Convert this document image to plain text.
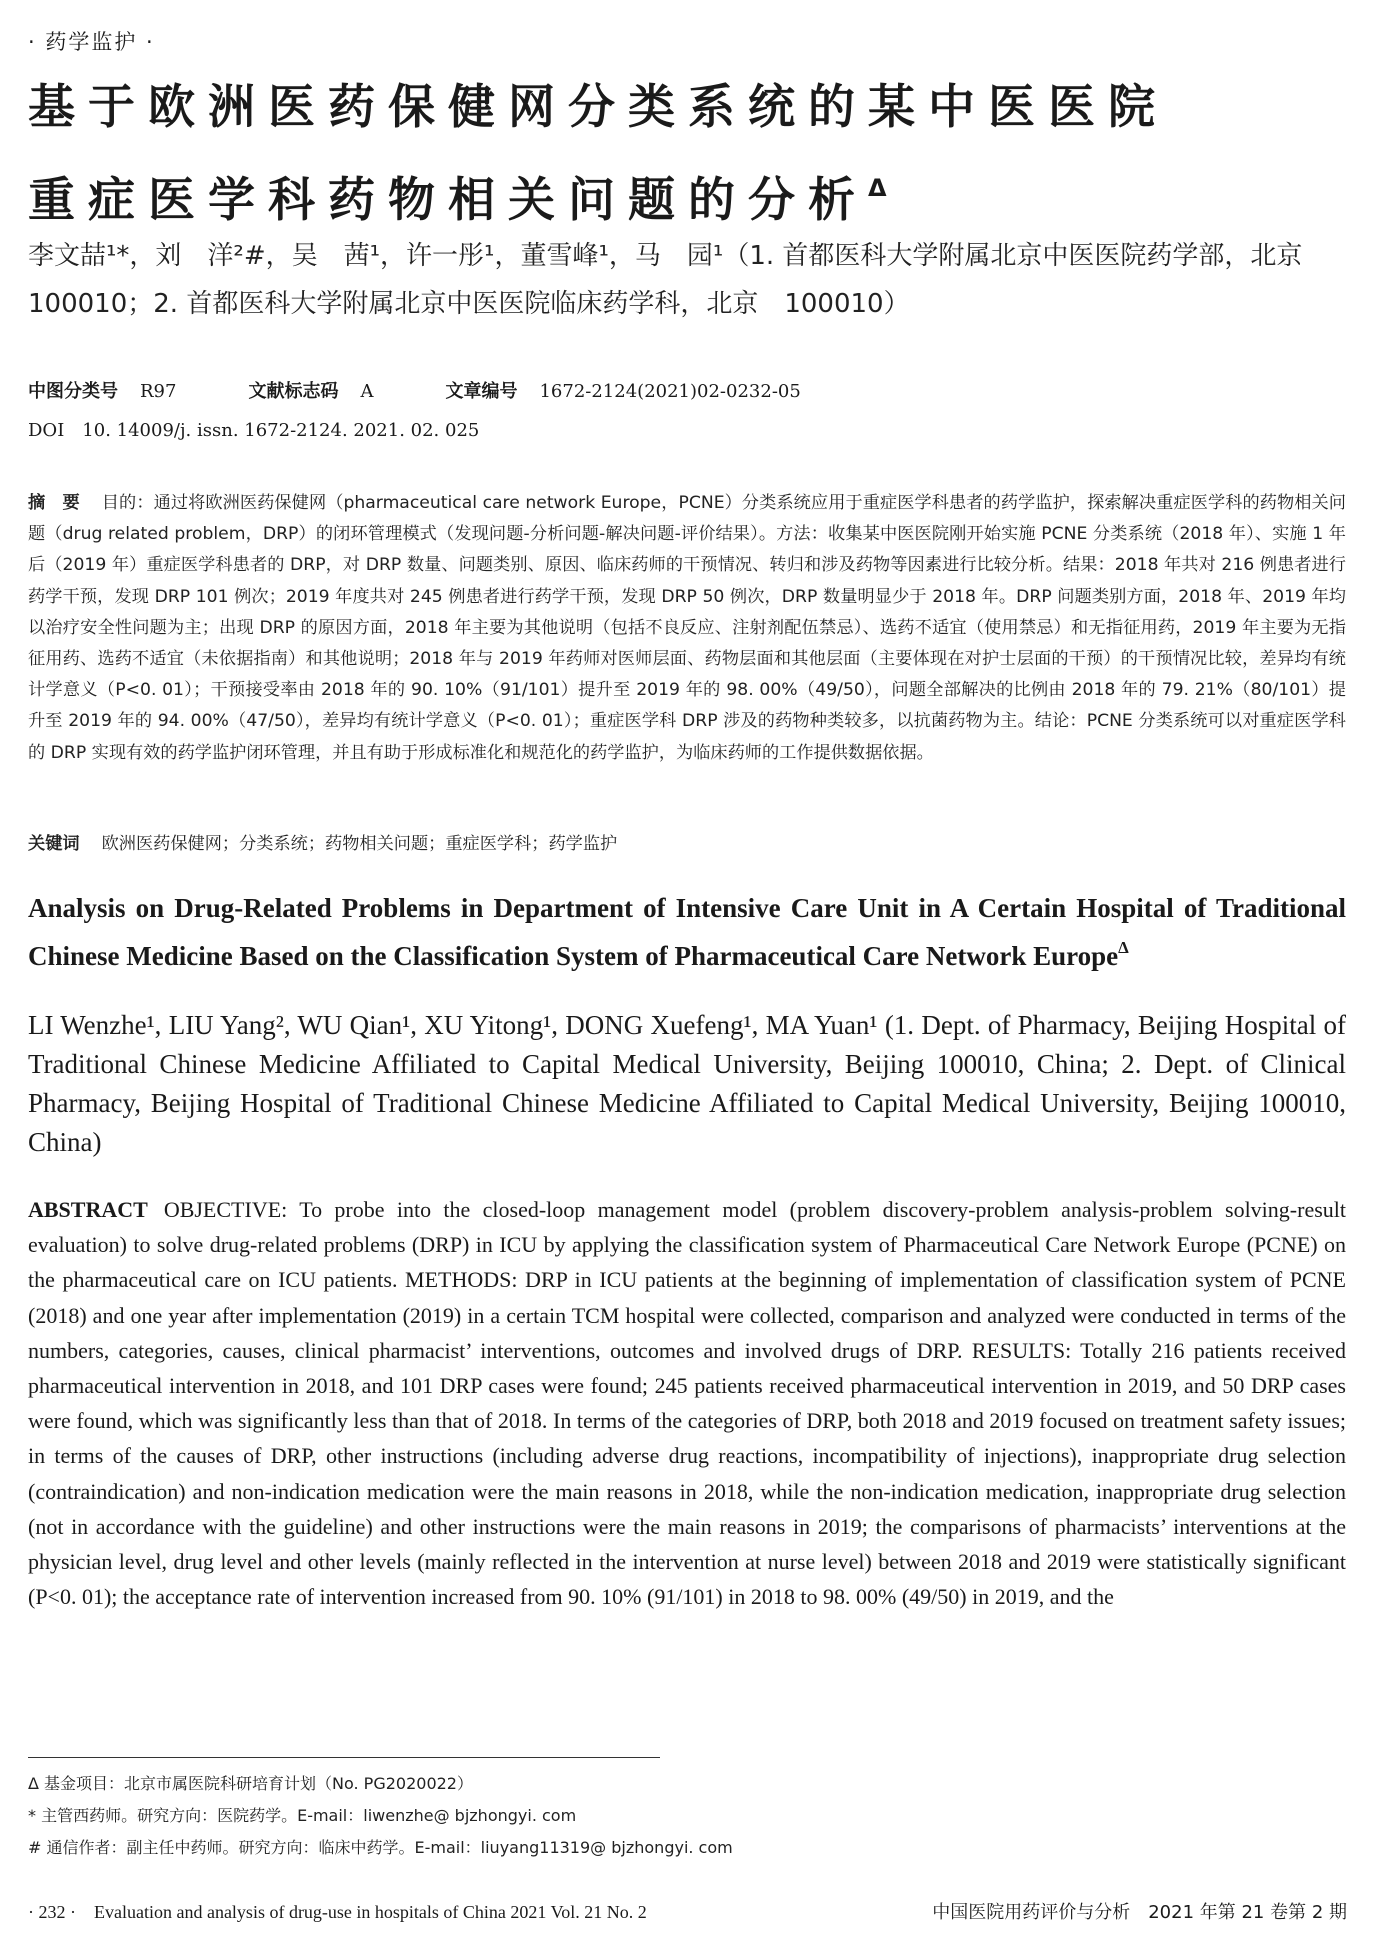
· 药学监护 ·
基于欧洲医药保健网分类系统的某中医医院
重症医学科药物相关问题的分析$^\Delta$
李文喆¹*，刘　洋²#，吴　茜¹，许一彤¹，董雪峰¹，马　园¹（1. 首都医科大学附属北京中医医院药学部，北京　100010；2. 首都医科大学附属北京中医医院临床药学科，北京　100010）
中图分类号 R97	文献标志码 A	文章编号 1672-2124(2021)02-0232-05
DOI　10. 14009/j. issn. 1672-2124. 2021. 02. 025
摘　要 目的：通过将欧洲医药保健网（pharmaceutical care network Europe，PCNE）分类系统应用于重症医学科患者的药学监护，探索解决重症医学科的药物相关问题（drug related problem，DRP）的闭环管理模式（发现问题-分析问题-解决问题-评价结果）。方法：收集某中医医院刚开始实施 PCNE 分类系统（2018 年）、实施 1 年后（2019 年）重症医学科患者的 DRP，对 DRP 数量、问题类别、原因、临床药师的干预情况、转归和涉及药物等因素进行比较分析。结果：2018 年共对 216 例患者进行药学干预，发现 DRP 101 例次；2019 年度共对 245 例患者进行药学干预，发现 DRP 50 例次，DRP 数量明显少于 2018 年。DRP 问题类别方面，2018 年、2019 年均以治疗安全性问题为主；出现 DRP 的原因方面，2018 年主要为其他说明（包括不良反应、注射剂配伍禁忌）、选药不适宜（使用禁忌）和无指征用药，2019 年主要为无指征用药、选药不适宜（未依据指南）和其他说明；2018 年与 2019 年药师对医师层面、药物层面和其他层面（主要体现在对护士层面的干预）的干预情况比较，差异均有统计学意义（P<0. 01）；干预接受率由 2018 年的 90. 10%（91/101）提升至 2019 年的 98. 00%（49/50），问题全部解决的比例由 2018 年的 79. 21%（80/101）提升至 2019 年的 94. 00%（47/50），差异均有统计学意义（P<0. 01）；重症医学科 DRP 涉及的药物种类较多，以抗菌药物为主。结论：PCNE 分类系统可以对重症医学科的 DRP 实现有效的药学监护闭环管理，并且有助于形成标准化和规范化的药学监护，为临床药师的工作提供数据依据。
关键词 欧洲医药保健网；分类系统；药物相关问题；重症医学科；药学监护
Analysis on Drug-Related Problems in Department of Intensive Care Unit in A Certain Hospital of Traditional Chinese Medicine Based on the Classification System of Pharmaceutical Care Network Europe$^\Delta$
LI Wenzhe¹, LIU Yang², WU Qian¹, XU Yitong¹, DONG Xuefeng¹, MA Yuan¹ (1. Dept. of Pharmacy, Beijing Hospital of Traditional Chinese Medicine Affiliated to Capital Medical University, Beijing 100010, China; 2. Dept. of Clinical Pharmacy, Beijing Hospital of Traditional Chinese Medicine Affiliated to Capital Medical University, Beijing 100010, China)
ABSTRACT OBJECTIVE: To probe into the closed-loop management model (problem discovery-problem analysis-problem solving-result evaluation) to solve drug-related problems (DRP) in ICU by applying the classification system of Pharmaceutical Care Network Europe (PCNE) on the pharmaceutical care on ICU patients. METHODS: DRP in ICU patients at the beginning of implementation of classification system of PCNE (2018) and one year after implementation (2019) in a certain TCM hospital were collected, comparison and analyzed were conducted in terms of the numbers, categories, causes, clinical pharmacist’ interventions, outcomes and involved drugs of DRP. RESULTS: Totally 216 patients received pharmaceutical intervention in 2018, and 101 DRP cases were found; 245 patients received pharmaceutical intervention in 2019, and 50 DRP cases were found, which was significantly less than that of 2018. In terms of the categories of DRP, both 2018 and 2019 focused on treatment safety issues; in terms of the causes of DRP, other instructions (including adverse drug reactions, incompatibility of injections), inappropriate drug selection (contraindication) and non-indication medication were the main reasons in 2018, while the non-indication medication, inappropriate drug selection (not in accordance with the guideline) and other instructions were the main reasons in 2019; the comparisons of pharmacists’ interventions at the physician level, drug level and other levels (mainly reflected in the intervention at nurse level) between 2018 and 2019 were statistically significant (P<0. 01); the acceptance rate of intervention increased from 90. 10% (91/101) in 2018 to 98. 00% (49/50) in 2019, and the
Δ 基金项目：北京市属医院科研培育计划（No. PG2020022）
* 主管西药师。研究方向：医院药学。E-mail：liwenzhe@ bjzhongyi. com
# 通信作者：副主任中药师。研究方向：临床中药学。E-mail：liuyang11319@ bjzhongyi. com
· 232 ·　Evaluation and analysis of drug-use in hospitals of China 2021 Vol. 21 No. 2	中国医院用药评价与分析　2021 年第 21 卷第 2 期
